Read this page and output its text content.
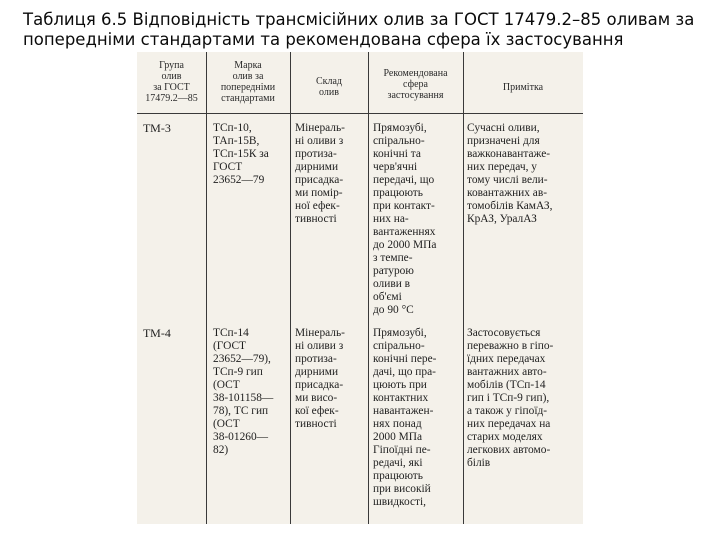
Таблиця 6.5 Відповідність трансмісійних олив за ГОСТ 17479.2–85 оливам за попередніми стандартами та рекомендована сфера їх застосування

Група
олив
за ГОСТ
17479.2—85
Марка
олив за
попередніми
стандартами
Склад
олив
Рекомендована
сфера
застосування
Примітка
ТМ-3	ТСп-10,
ТАп-15В,
ТСп-15К за
ГОСТ
23652—79
Мінераль-
ні оливи з
протиза-
дирними
присадка-
ми помір-
ної ефек-
тивності
Прямозубі,
спірально-
конічні та
черв'ячні
передачі, що
працюють
при контакт-
них на-
вантаженнях
до 2000 МПа
з темпе-
ратурою
оливи в
об'ємі
до 90 °С
Сучасні оливи,
призначені для
важконавантаже-
них передач, у
тому числі вели-
ковантажних ав-
томобілів КамАЗ,
КрАЗ, УралАЗ
ТМ-4	ТСп-14
(ГОСТ
23652—79),
ТСп-9 гип
(ОСТ
38-101158—
78), ТС гип
(ОСТ
38-01260—
82)
Мінераль-
ні оливи з
протиза-
дирними
присадка-
ми висо-
кої ефек-
тивності
Прямозубі,
спірально-
конічні пере-
дачі, що пра-
цюють при
контактних
навантажен-
нях понад
2000 МПа
Гіпоїдні пе-
редачі, які
працюють
при високій
швидкості,
Застосовується
переважно в гіпо-
їдних передачах
вантажних авто-
мобілів (ТСп-14
гип і ТСп-9 гип),
а також у гіпоїд-
них передачах на
старих моделях
легкових автомо-
білів
